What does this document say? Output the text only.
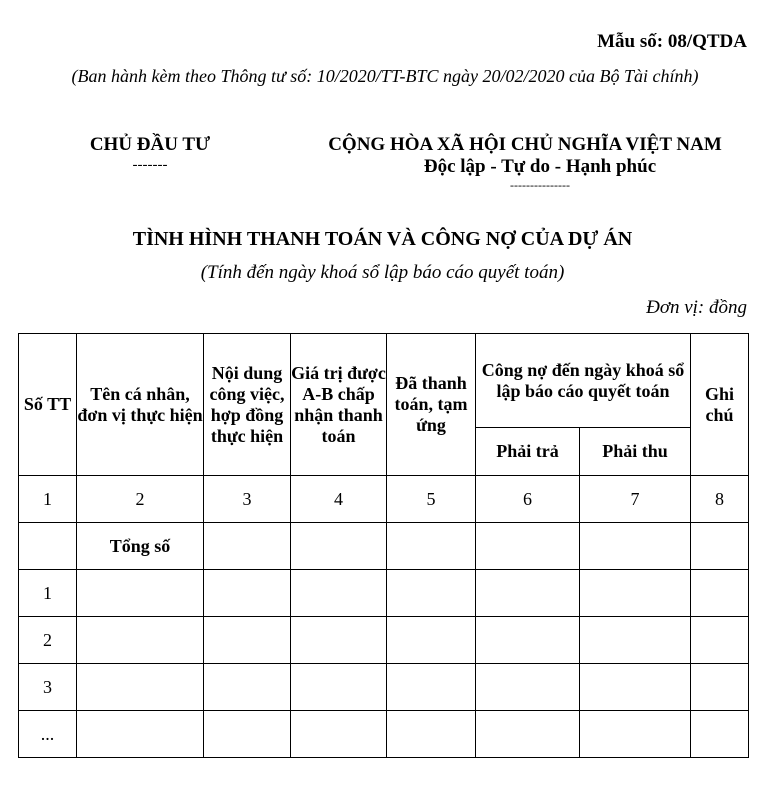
Mẫu số: 08/QTDA
(Ban hành kèm theo Thông tư số: 10/2020/TT-BTC ngày 20/02/2020 của Bộ Tài chính)
CHỦ ĐẦU TƯ
-------
CỘNG HÒA XÃ HỘI CHỦ NGHĨA VIỆT NAM
Độc lập - Tự do - Hạnh phúc
---------------
TÌNH HÌNH THANH TOÁN VÀ CÔNG NỢ CỦA DỰ ÁN
(Tính đến ngày khoá sổ lập báo cáo quyết toán)
Đơn vị: đồng
Số TT	Tên cá nhân, đơn vị thực hiện	Nội dung công việc, hợp đồng thực hiện	Giá trị được A-B chấp nhận thanh toán	Đã thanh toán, tạm ứng	Công nợ đến ngày khoá sổ lập báo cáo quyết toán		Ghi chú
					Phải trả	Phải thu	
1	2	3	4	5	6	7	8
	Tổng số						
1							
2							
3							
...							
